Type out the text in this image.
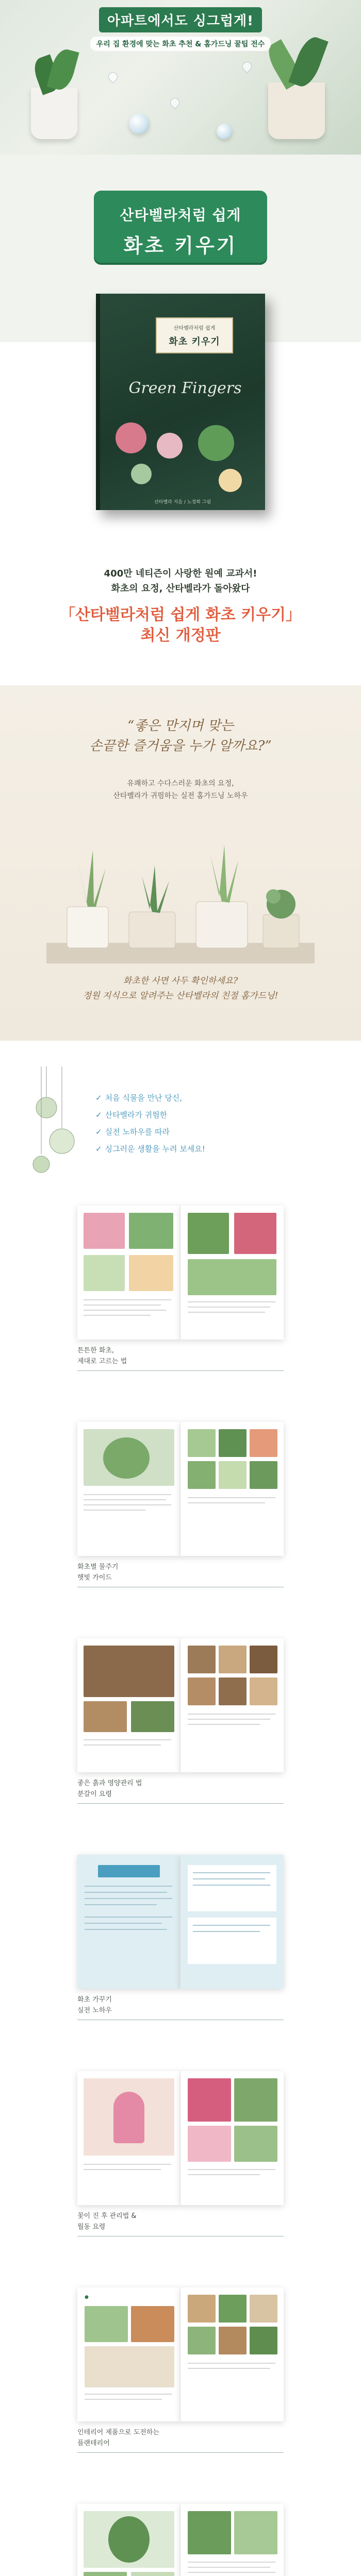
아파트에서도 싱그럽게!
우리 집 환경에 맞는 화초 추천 & 홈가드닝 꿀팁 전수
산타벨라처럼 쉽게
화초 키우기
산타벨라처럼 쉽게
화초 키우기
Green Fingers
산타벨라 지음 / 노경희 그림
400만 네티즌이 사랑한 원예 교과서!
화초의 요정, 산타벨라가 돌아왔다
「산타벨라처럼 쉽게 화초 키우기」
최신 개정판
“좋은 만지며 맞는
손끝한 즐거움을 누가 알까요?”
유쾌하고 수다스러운 화초의 요정,
산타벨라가 귀띔하는 실전 홈가드닝 노하우
화초한 사면 사두 확인하세요?
정원 지식으로 알려주는 산타벨라의 친절 홈가드닝!
✓ 처음 식물을 만난 당신,
✓ 산타벨라가 귀띔한
✓ 실전 노하우를 따라
✓ 싱그러운 생활을 누려 보세요!
튼튼한 화초,
제대로 고르는 법
화초별 물주기
햇빛 가이드
좋은 흙과 영양관리 법
분갈이 요령
화초 가꾸기
실전 노하우
꽃이 진 후 관리법 &
월동 요령
●
인테리어 제품으로 도전하는
플랜테리어
